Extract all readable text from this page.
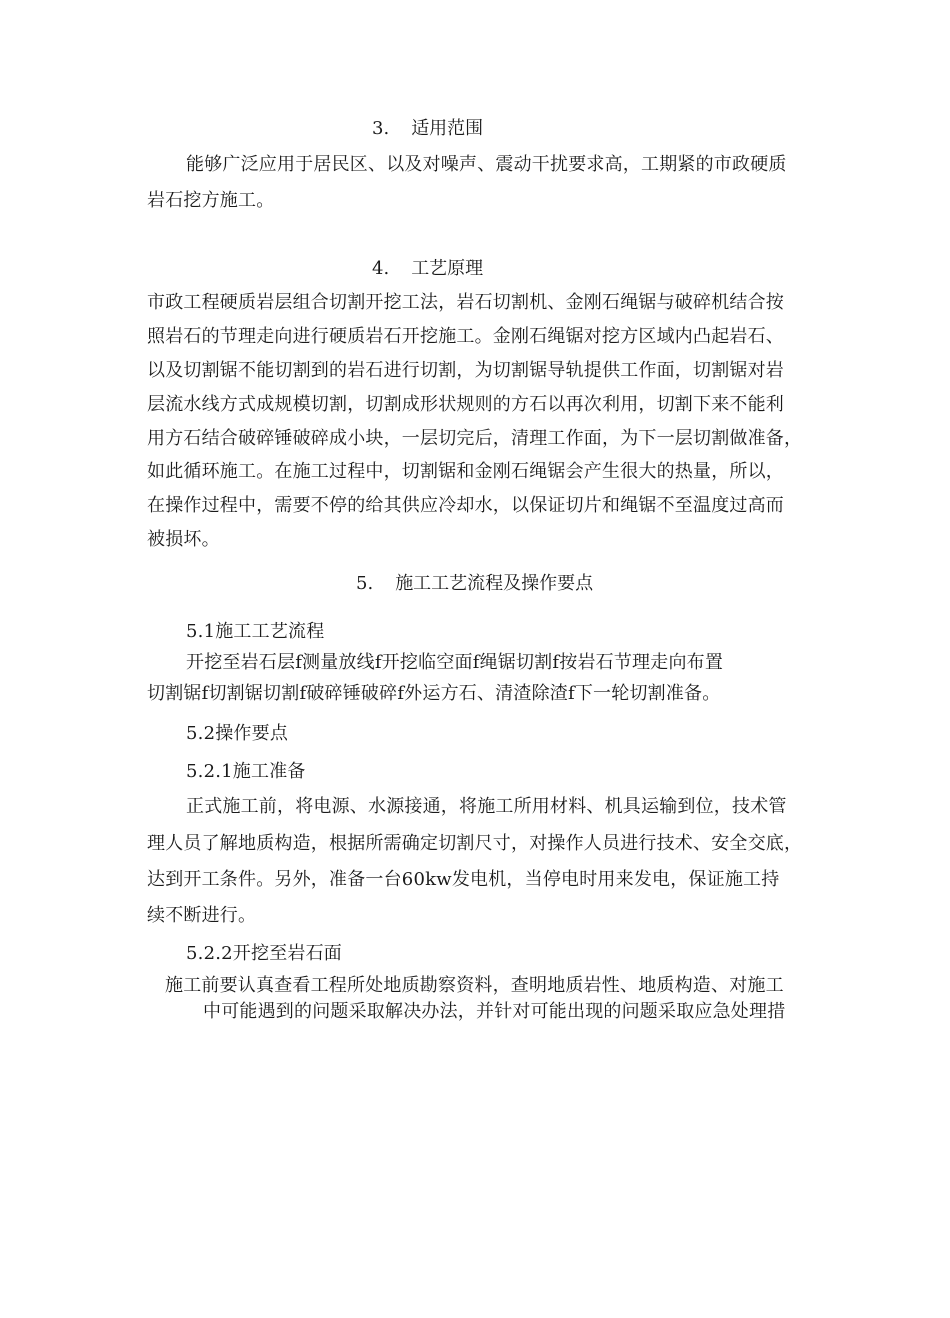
3. 适用范围
能够广泛应用于居民区、以及对噪声、震动干扰要求高，工期紧的市政硬质
岩石挖方施工。
4. 工艺原理
市政工程硬质岩层组合切割开挖工法，岩石切割机、金刚石绳锯与破碎机结合按
照岩石的节理走向进行硬质岩石开挖施工。金刚石绳锯对挖方区域内凸起岩石、
以及切割锯不能切割到的岩石进行切割，为切割锯导轨提供工作面，切割锯对岩
层流水线方式成规模切割，切割成形状规则的方石以再次利用，切割下来不能利
用方石结合破碎锤破碎成小块，一层切完后，清理工作面，为下一层切割做准备，
如此循环施工。在施工过程中，切割锯和金刚石绳锯会产生很大的热量，所以，
在操作过程中，需要不停的给其供应冷却水，以保证切片和绳锯不至温度过高而
被损坏。
5. 施工工艺流程及操作要点
5.1施工工艺流程
开挖至岩石层f测量放线f开挖临空面f绳锯切割f按岩石节理走向布置
切割锯f切割锯切割f破碎锤破碎f外运方石、清渣除渣f下一轮切割准备。
5.2操作要点
5.2.1施工准备
正式施工前，将电源、水源接通，将施工所用材料、机具运输到位，技术管
理人员了解地质构造，根据所需确定切割尺寸，对操作人员进行技术、安全交底，
达到开工条件。另外，准备一台60kw发电机，当停电时用来发电，保证施工持
续不断进行。
5.2.2开挖至岩石面
施工前要认真查看工程所处地质勘察资料，查明地质岩性、地质构造、对施工
中可能遇到的问题采取解决办法，并针对可能出现的问题采取应急处理措
